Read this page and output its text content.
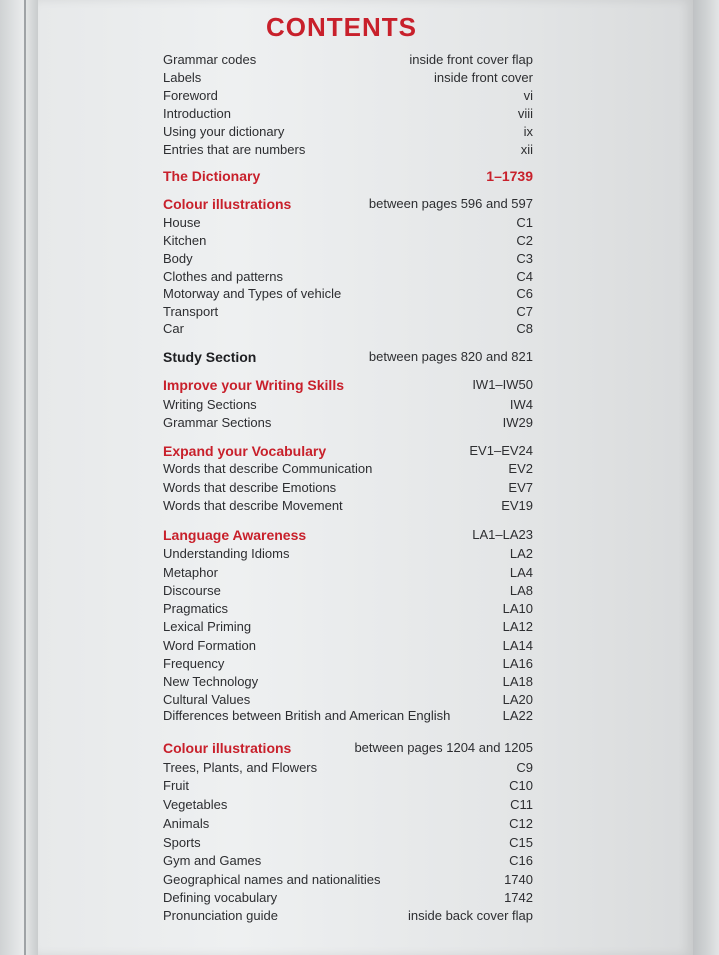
CONTENTS
Grammar codes	inside front cover flap
Labels	inside front cover
Foreword	vi
Introduction	viii
Using your dictionary	ix
Entries that are numbers	xii
The Dictionary	1–1739
Colour illustrations	between pages 596 and 597
House	C1
Kitchen	C2
Body	C3
Clothes and patterns	C4
Motorway and Types of vehicle	C6
Transport	C7
Car	C8
Study Section	between pages 820 and 821
Improve your Writing Skills	IW1–IW50
Writing Sections	IW4
Grammar Sections	IW29
Expand your Vocabulary	EV1–EV24
Words that describe Communication	EV2
Words that describe Emotions	EV7
Words that describe Movement	EV19
Language Awareness	LA1–LA23
Understanding Idioms	LA2
Metaphor	LA4
Discourse	LA8
Pragmatics	LA10
Lexical Priming	LA12
Word Formation	LA14
Frequency	LA16
New Technology	LA18
Cultural Values	LA20
Differences between British and American English	LA22
Colour illustrations	between pages 1204 and 1205
Trees, Plants, and Flowers	C9
Fruit	C10
Vegetables	C11
Animals	C12
Sports	C15
Gym and Games	C16
Geographical names and nationalities	1740
Defining vocabulary	1742
Pronunciation guide	inside back cover flap
